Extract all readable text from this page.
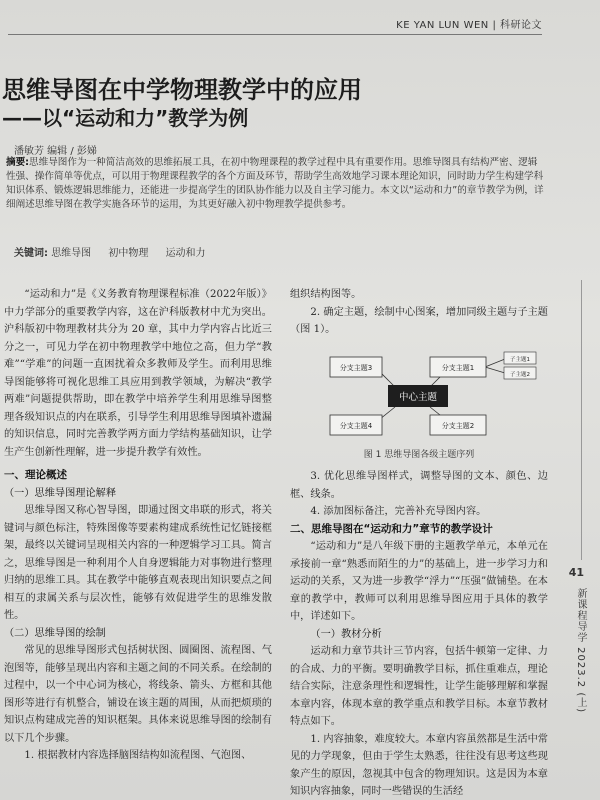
KE YAN LUN WEN | 科研论文
思维导图在中学物理教学中的应用
——以“运动和力”教学为例
潘敏芳 编辑 / 彭娣
摘要:思维导图作为一种简洁高效的思维拓展工具，在初中物理课程的教学过程中具有重要作用。思维导图具有结构严密、逻辑性强、操作简单等优点，可以用于物理课程教学的各个方面及环节，帮助学生高效地学习课本理论知识，同时助力学生构建学科知识体系、锻炼逻辑思维能力，还能进一步提高学生的团队协作能力以及自主学习能力。本文以“运动和力”的章节教学为例，详细阐述思维导图在教学实施各环节的运用，为其更好融入初中物理教学提供参考。
关键词: 思维导图 初中物理 运动和力

“运动和力”是《义务教育物理课程标准（2022年版）》中力学部分的重要教学内容，这在沪科版教材中尤为突出。沪科版初中物理教材共分为 20 章，其中力学内容占比近三分之一，可见力学在初中物理教学中地位之高，但力学“教难”“学难”的问题一直困扰着众多教师及学生。而利用思维导图能够将可视化思维工具应用到教学领域，为解决“教学两难”问题提供帮助，即在教学中培养学生利用思维导图整理各级知识点的内在联系，引导学生利用思维导图填补遗漏的知识信息，同时完善教学两方面力学结构基础知识，让学生产生创新性理解，进一步提升教学有效性。

一、理论概述

（一）思维导图理论解释

思维导图又称心智导图，即通过图文串联的形式，将关键词与颜色标注，特殊图像等要素构建成系统性记忆链接框架，最终以关键词呈现相关内容的一种逻辑学习工具。简言之，思维导图是一种利用个人自身逻辑能力对事物进行整理归纳的思维工具。其在教学中能够直观表现出知识要点之间相互的隶属关系与层次性，能够有效促进学生的思维发散性。

（二）思维导图的绘制

常见的思维导图形式包括树状图、圆圈图、流程图、气泡图等，能够呈现出内容和主题之间的不同关系。在绘制的过程中，以一个中心词为核心，将线条、箭头、方框和其他图形等进行有机整合，铺设在该主题的周围，从而把烦琐的知识点构建成完善的知识框架。具体来说思维导图的绘制有以下几个步骤。

1. 根据教材内容选择脑图结构如流程图、气泡图、

组织结构图等。

2. 确定主题，绘制中心图案，增加同级主题与子主题（图 1）。

中心主题
分支主题3	分支主题1
分支主题4	分支主题2
子主题1
子主题2
图 1 思维导图各级主题序列

3. 优化思维导图样式，调整导图的文本、颜色、边框、线条。

4. 添加图标备注，完善补充导图内容。

二、思维导图在“运动和力”章节的教学设计

“运动和力”是八年级下册的主题教学单元，本单元在承接前一章“熟悉而陌生的力”的基础上，进一步学习力和运动的关系，又为进一步教学“浮力”“压强”做铺垫。在本章的教学中，教师可以利用思维导图应用于具体的教学中，详述如下。

（一）教材分析

运动和力章节共计三节内容，包括牛顿第一定律、力的合成、力的平衡。要明确教学目标，抓住重难点，理论结合实际，注意条理性和逻辑性，让学生能够理解和掌握本章内容，体现本章的教学重点和教学目标。本章节教材特点如下。

1. 内容抽象，难度较大。本章内容虽然都是生活中常见的力学现象，但由于学生太熟悉，往往没有思考这些现象产生的原因，忽视其中包含的物理知识。这是因为本章知识内容抽象，同时一些错误的生活经

41
新课程导学 2023.2 (上)
